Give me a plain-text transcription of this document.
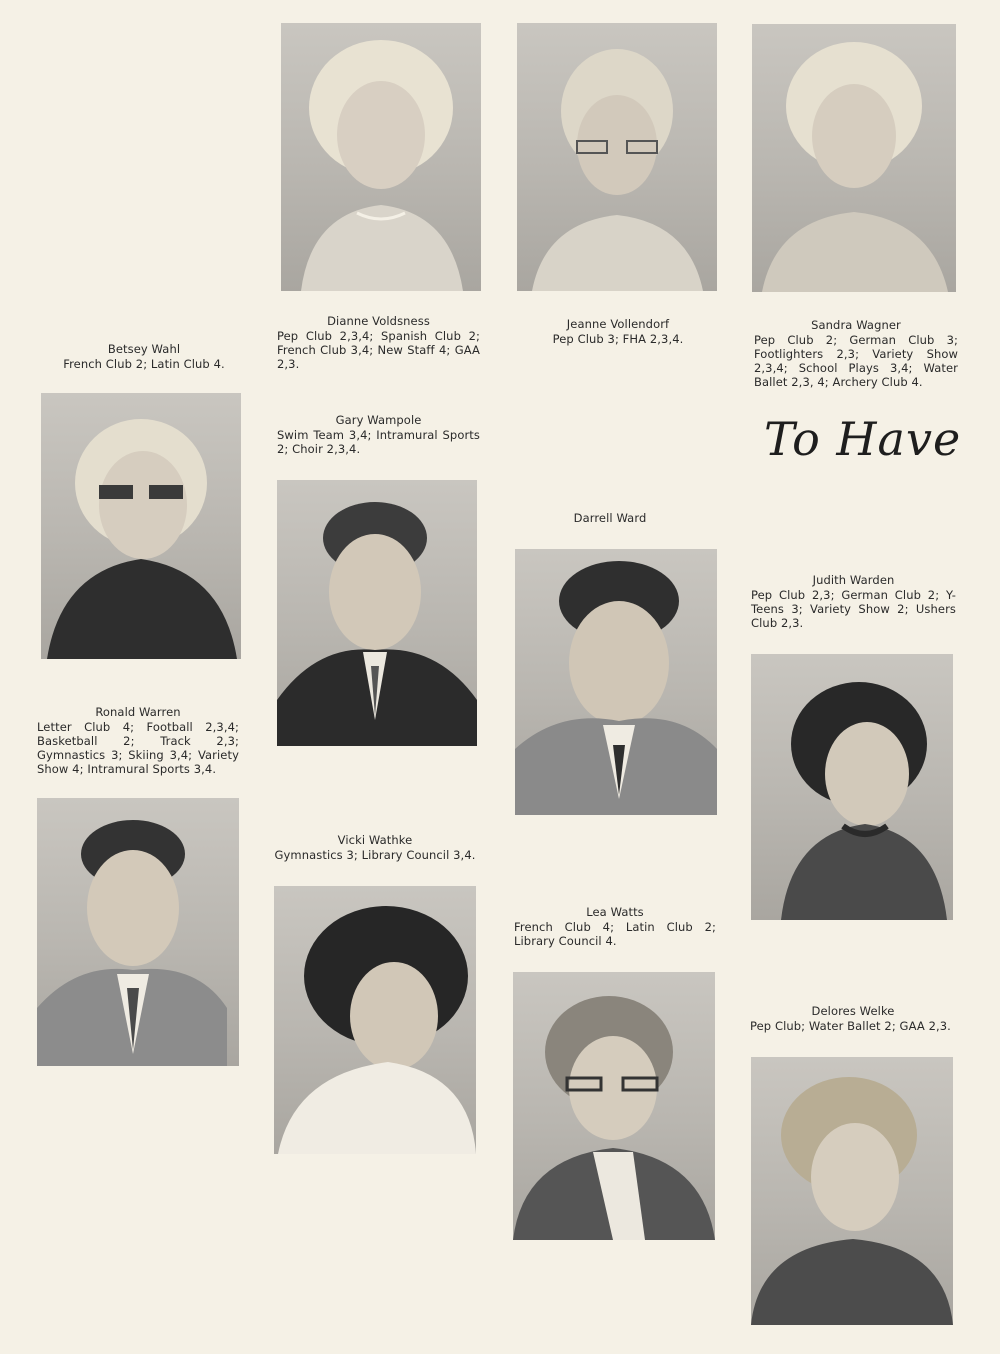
Dianne Voldsness
Pep Club 2,3,4; Spanish Club 2; French Club 3,4; New Staff 4; GAA 2,3.
Jeanne Vollendorf
Pep Club 3; FHA 2,3,4.
Sandra Wagner
Pep Club 2; German Club 3; Footlighters 2,3; Variety Show 2,3,4; School Plays 3,4; Water Ballet 2,3, 4; Archery Club 4.
Betsey Wahl
French Club 2; Latin Club 4.
Gary Wampole
Swim Team 3,4; Intramural Sports 2; Choir 2,3,4.	To Have
Darrell Ward
Judith Warden
Pep Club 2,3; German Club 2; Y-Teens 3; Variety Show 2; Ushers Club 2,3.
Ronald Warren
Letter Club 4; Football 2,3,4; Basketball 2; Track 2,3; Gymnastics 3; Skiing 3,4; Variety Show 4; Intramural Sports 3,4.
Vicki Wathke
Gymnastics 3; Library Council 3,4.
Lea Watts
French Club 4; Latin Club 2; Library Council 4.
Delores Welke
Pep Club; Water Ballet 2; GAA 2,3.
